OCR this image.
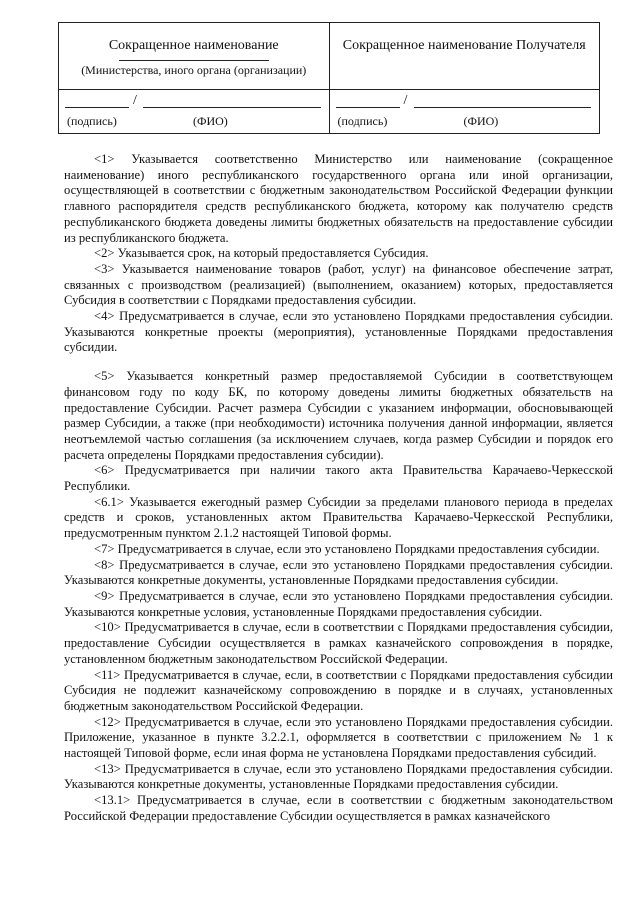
Сокращенное наименование
(Министерства, иного органа (организации)
/
(подпись)	(ФИО)
Сокращенное наименование Получателя
/
(подпись)	(ФИО)

<1> Указывается соответственно Министерство или наименование (сокращенное наименование) иного республиканского государственного органа или иной организации, осуществляющей в соответствии с бюджетным законодательством Российской Федерации функции главного распорядителя средств республиканского бюджета, которому как получателю средств республиканского бюджета доведены лимиты бюджетных обязательств на предоставление субсидии из республиканского бюджета.

<2> Указывается срок, на который предоставляется Субсидия.

<3> Указывается наименование товаров (работ, услуг) на финансовое обеспечение затрат, связанных с производством (реализацией) (выполнением, оказанием) которых, предоставляется Субсидия в соответствии с Порядками предоставления субсидии.

<4> Предусматривается в случае, если это установлено Порядками предоставления субсидии. Указываются конкретные проекты (мероприятия), установленные Порядками предоставления субсидии.

<5> Указывается конкретный размер предоставляемой Субсидии в соответствующем финансовом году по коду БК, по которому доведены лимиты бюджетных обязательств на предоставление Субсидии. Расчет размера Субсидии с указанием информации, обосновывающей размер Субсидии, а также (при необходимости) источника получения данной информации, является неотъемлемой частью соглашения (за исключением случаев, когда размер Субсидии и порядок его расчета определены Порядками предоставления субсидии).

<6> Предусматривается при наличии такого акта Правительства Карачаево-Черкесской Республики.

<6.1> Указывается ежегодный размер Субсидии за пределами планового периода в пределах средств и сроков, установленных актом Правительства Карачаево-Черкесской Республики, предусмотренным пунктом 2.1.2 настоящей Типовой формы.

<7> Предусматривается в случае, если это установлено Порядками предоставления субсидии.

<8> Предусматривается в случае, если это установлено Порядками предоставления субсидии. Указываются конкретные документы, установленные Порядками предоставления субсидии.

<9> Предусматривается в случае, если это установлено Порядками предоставления субсидии. Указываются конкретные условия, установленные Порядками предоставления субсидии.

<10> Предусматривается в случае, если в соответствии с Порядками предоставления субсидии, предоставление Субсидии осуществляется в рамках казначейского сопровождения в порядке, установленном бюджетным законодательством Российской Федерации.

<11> Предусматривается в случае, если, в соответствии с Порядками предоставления субсидии Субсидия не подлежит казначейскому сопровождению в порядке и в случаях, установленных бюджетным законодательством Российской Федерации.

<12> Предусматривается в случае, если это установлено Порядками предоставления субсидии. Приложение, указанное в пункте 3.2.2.1, оформляется в соответствии с приложением № 1 к настоящей Типовой форме, если иная форма не установлена Порядками предоставления субсидий.

<13> Предусматривается в случае, если это установлено Порядками предоставления субсидии. Указываются конкретные документы, установленные Порядками предоставления субсидии.

<13.1> Предусматривается в случае, если в соответствии с бюджетным законодательством Российской Федерации предоставление Субсидии осуществляется в рамках казначейского
